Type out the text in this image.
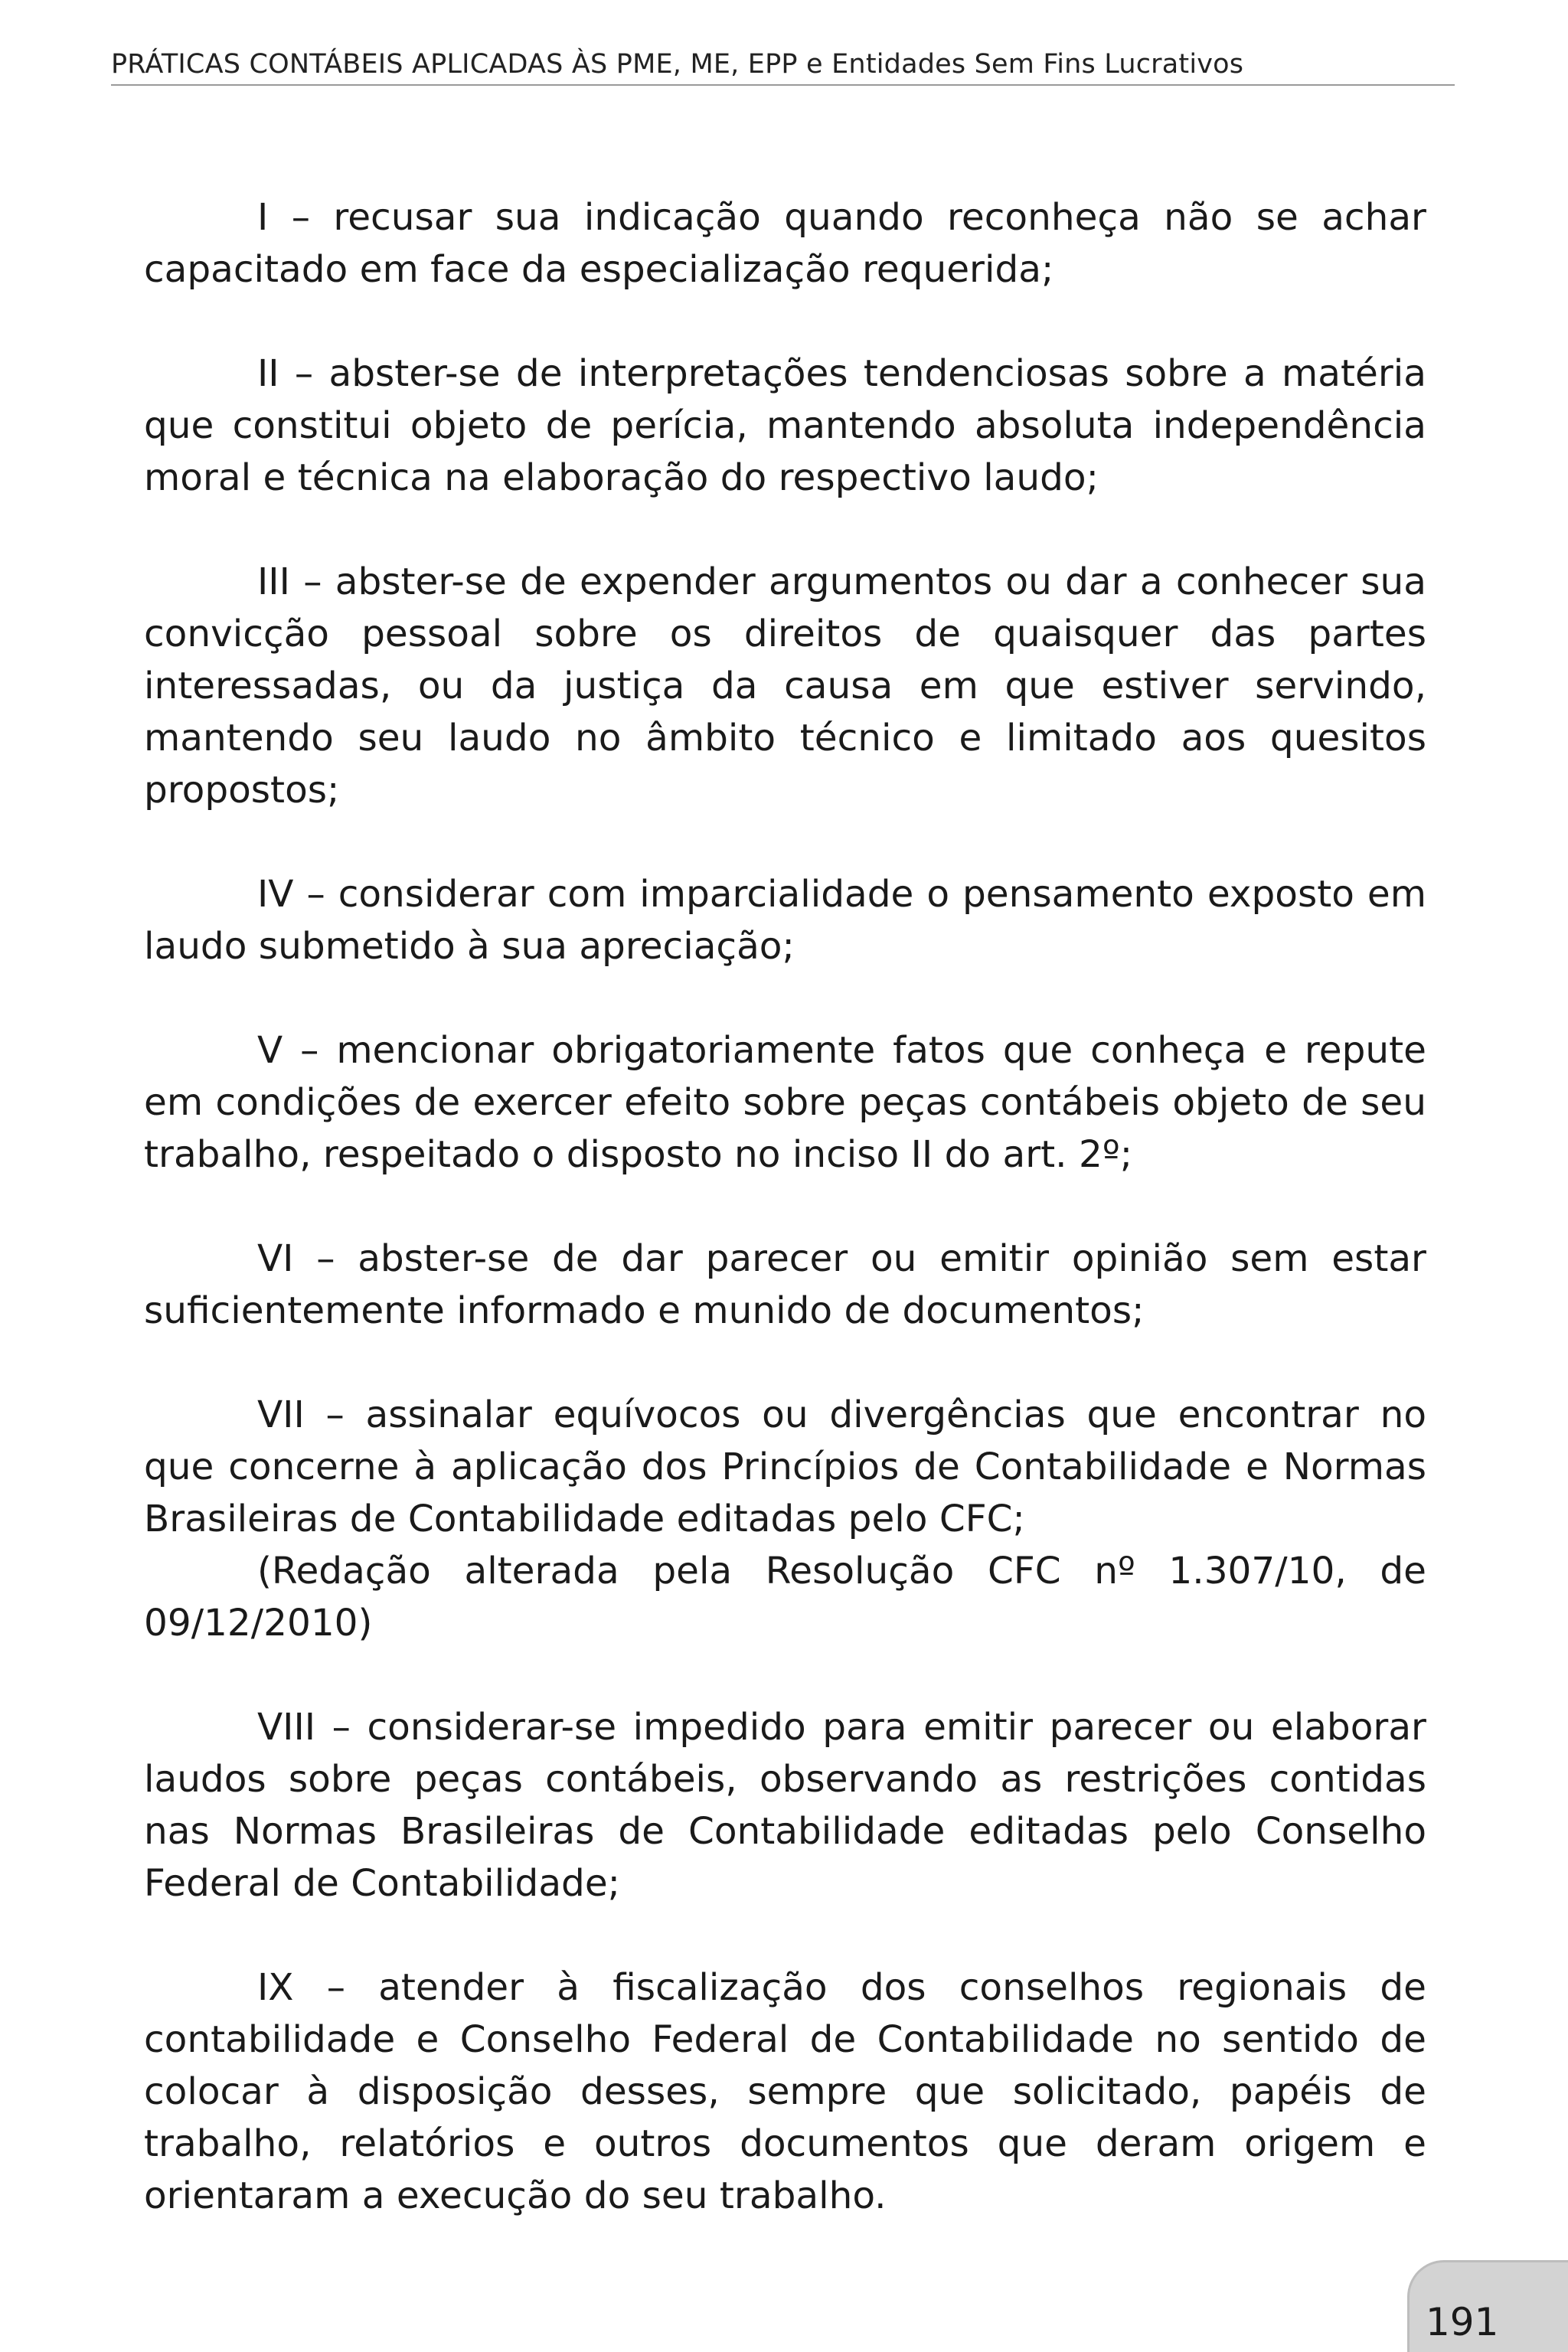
PRÁTICAS CONTÁBEIS APLICADAS ÀS PME, ME, EPP e Entidades Sem Fins Lucrativos

I – recusar sua indicação quando reconheça não se achar capacitado em face da especialização requerida;

II – abster-se de interpretações tendenciosas sobre a matéria que constitui objeto de perícia, mantendo absoluta independência moral e técnica na elaboração do respectivo laudo;

III – abster-se de expender argumentos ou dar a conhecer sua convicção pessoal sobre os direitos de quaisquer das partes interessadas, ou da justiça da causa em que estiver servindo, mantendo seu laudo no âmbito técnico e limitado aos quesitos propostos;

IV – considerar com imparcialidade o pensamento exposto em laudo submetido à sua apreciação;

V – mencionar obrigatoriamente fatos que conheça e repute em condições de exercer efeito sobre peças contábeis objeto de seu trabalho, respeitado o disposto no inciso II do art. 2º;

VI – abster-se de dar parecer ou emitir opinião sem estar suficientemente informado e munido de documentos;

VII – assinalar equívocos ou divergências que encontrar no que concerne à aplicação dos Princípios de Contabilidade e Normas Brasileiras de Contabilidade editadas pelo CFC;

(Redação alterada pela Resolução CFC nº 1.307/10, de 09/12/2010)

VIII – considerar-se impedido para emitir parecer ou elaborar laudos sobre peças contábeis, observando as restrições contidas nas Normas Brasileiras de Contabilidade editadas pelo Conselho Federal de Contabilidade;

IX – atender à fiscalização dos conselhos regionais de contabilidade e Conselho Federal de Contabilidade no sentido de colocar à disposição desses, sempre que solicitado, papéis de trabalho, relatórios e outros documentos que deram origem e orientaram a execução do seu trabalho.

191
